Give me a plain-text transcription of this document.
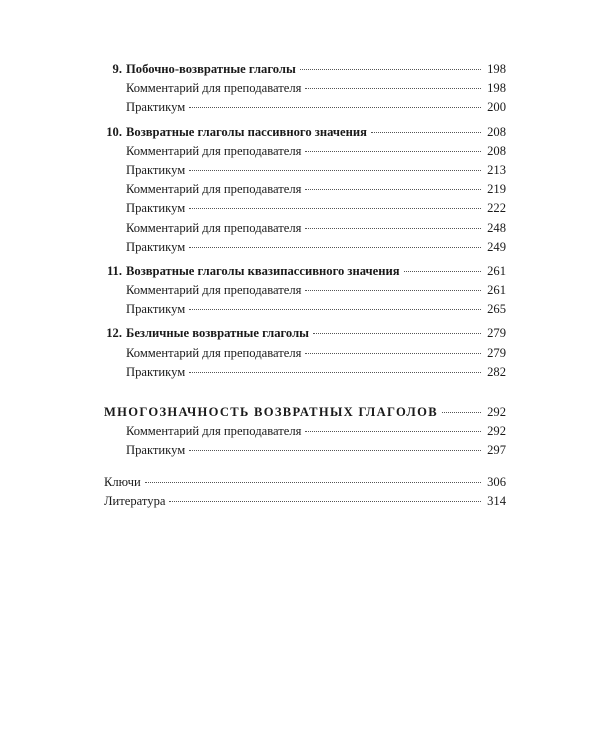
9. Побочно-возвратные глаголы	198
Комментарий для преподавателя	198
Практикум	200
10. Возвратные глаголы пассивного значения	208
Комментарий для преподавателя	208
Практикум	213
Комментарий для преподавателя	219
Практикум	222
Комментарий для преподавателя	248
Практикум	249
11. Возвратные глаголы квазипассивного значения	261
Комментарий для преподавателя	261
Практикум	265
12. Безличные возвратные глаголы	279
Комментарий для преподавателя	279
Практикум	282
МНОГОЗНАЧНОСТЬ ВОЗВРАТНЫХ ГЛАГОЛОВ	292
Комментарий для преподавателя	292
Практикум	297
Ключи	306
Литература	314
